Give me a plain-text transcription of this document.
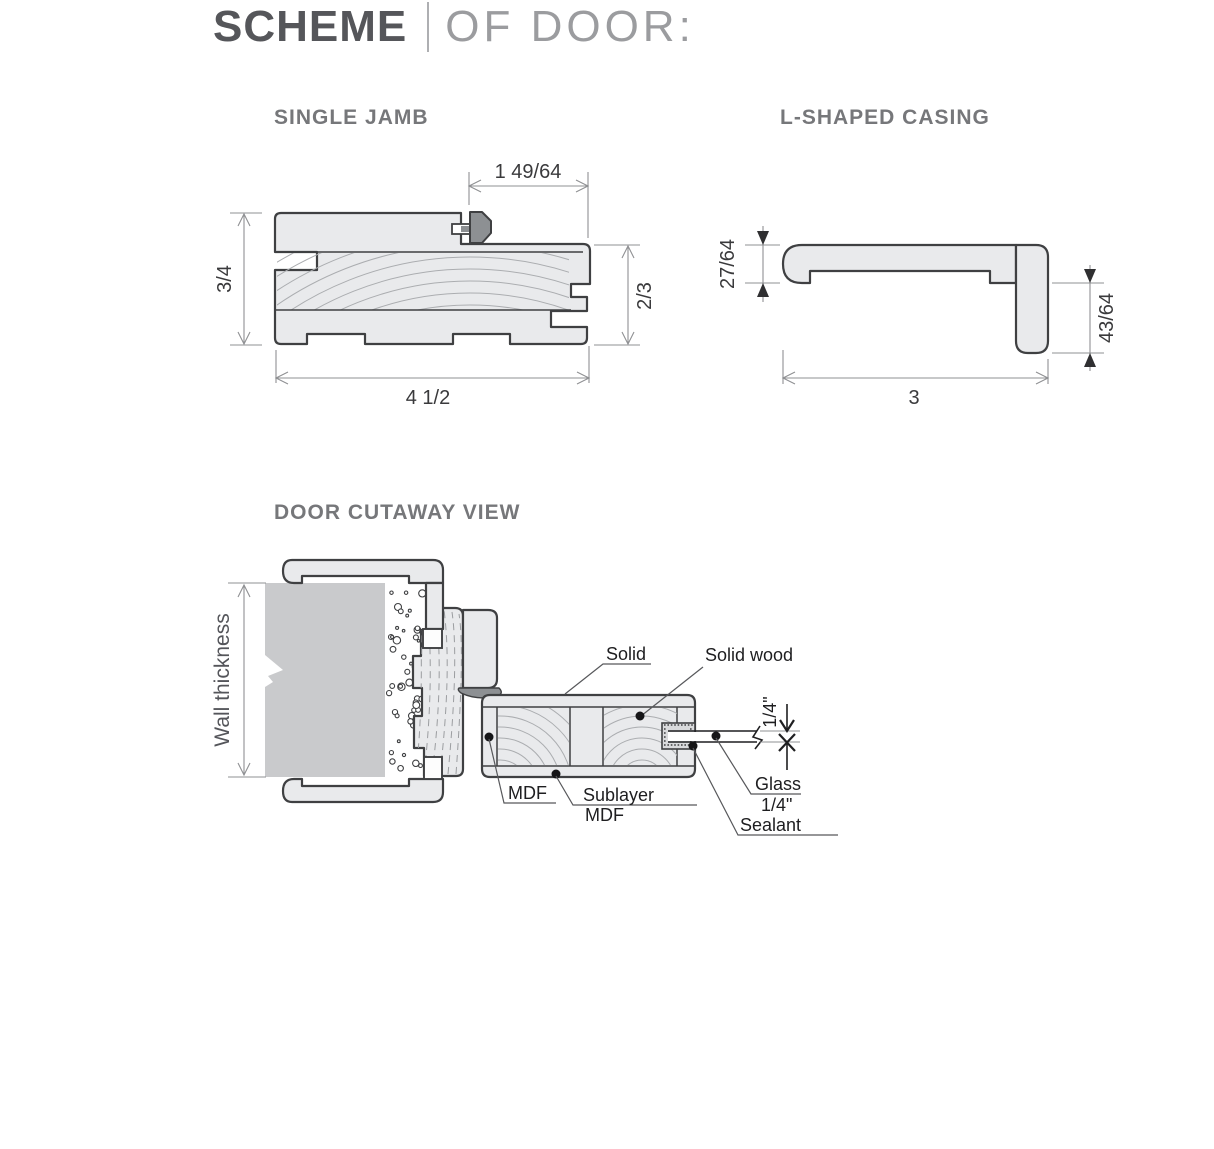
SCHEME OF DOOR:
SINGLE JAMB	L-SHAPED CASING
DOOR CUTAWAY VIEW
1 49/64
3/4
2/3
4 1/2
27/64
43/64
3
1/4"
Wall thickness	Solid	Solid wood
MDF Sublayer
MDF
Glass
1/4"
Sealant
